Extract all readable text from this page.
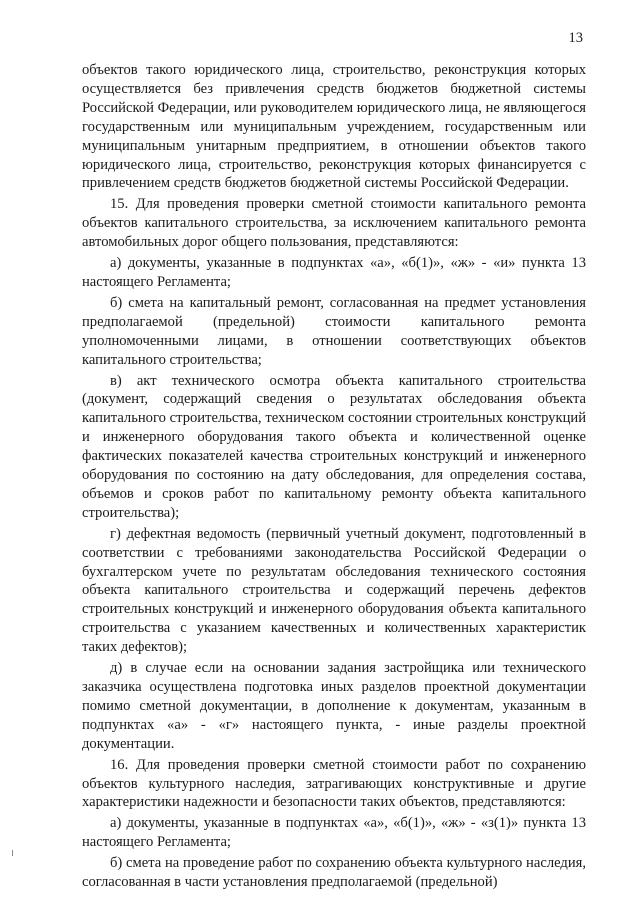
13

объектов такого юридического лица, строительство, реконструкция которых осуществляется без привлечения средств бюджетов бюджетной системы Российской Федерации, или руководителем юридического лица, не являющегося государственным или муниципальным учреждением, государственным или муниципальным унитарным предприятием, в отношении объектов такого юридического лица, строительство, реконструкция которых финансируется с привлечением средств бюджетов бюджетной системы Российской Федерации.

15. Для проведения проверки сметной стоимости капитального ремонта объектов капитального строительства, за исключением капитального ремонта автомобильных дорог общего пользования, представляются:

а) документы, указанные в подпунктах «а», «б(1)», «ж» - «и» пункта 13 настоящего Регламента;

б) смета на капитальный ремонт, согласованная на предмет установления предполагаемой (предельной) стоимости капитального ремонта уполномоченными лицами, в отношении соответствующих объектов капитального строительства;

в) акт технического осмотра объекта капитального строительства (документ, содержащий сведения о результатах обследования объекта капитального строительства, техническом состоянии строительных конструкций и инженерного оборудования такого объекта и количественной оценке фактических показателей качества строительных конструкций и инженерного оборудования по состоянию на дату обследования, для определения состава, объемов и сроков работ по капитальному ремонту объекта капитального строительства);

г) дефектная ведомость (первичный учетный документ, подготовленный в соответствии с требованиями законодательства Российской Федерации о бухгалтерском учете по результатам обследования технического состояния объекта капитального строительства и содержащий перечень дефектов строительных конструкций и инженерного оборудования объекта капитального строительства с указанием качественных и количественных характеристик таких дефектов);

д) в случае если на основании задания застройщика или технического заказчика осуществлена подготовка иных разделов проектной документации помимо сметной документации, в дополнение к документам, указанным в подпунктах «а» - «г» настоящего пункта, - иные разделы проектной документации.

16. Для проведения проверки сметной стоимости работ по сохранению объектов культурного наследия, затрагивающих конструктивные и другие характеристики надежности и безопасности таких объектов, представляются:

а) документы, указанные в подпунктах «а», «б(1)», «ж» - «з(1)» пункта 13 настоящего Регламента;

б) смета на проведение работ по сохранению объекта культурного наследия, согласованная в части установления предполагаемой (предельной)
